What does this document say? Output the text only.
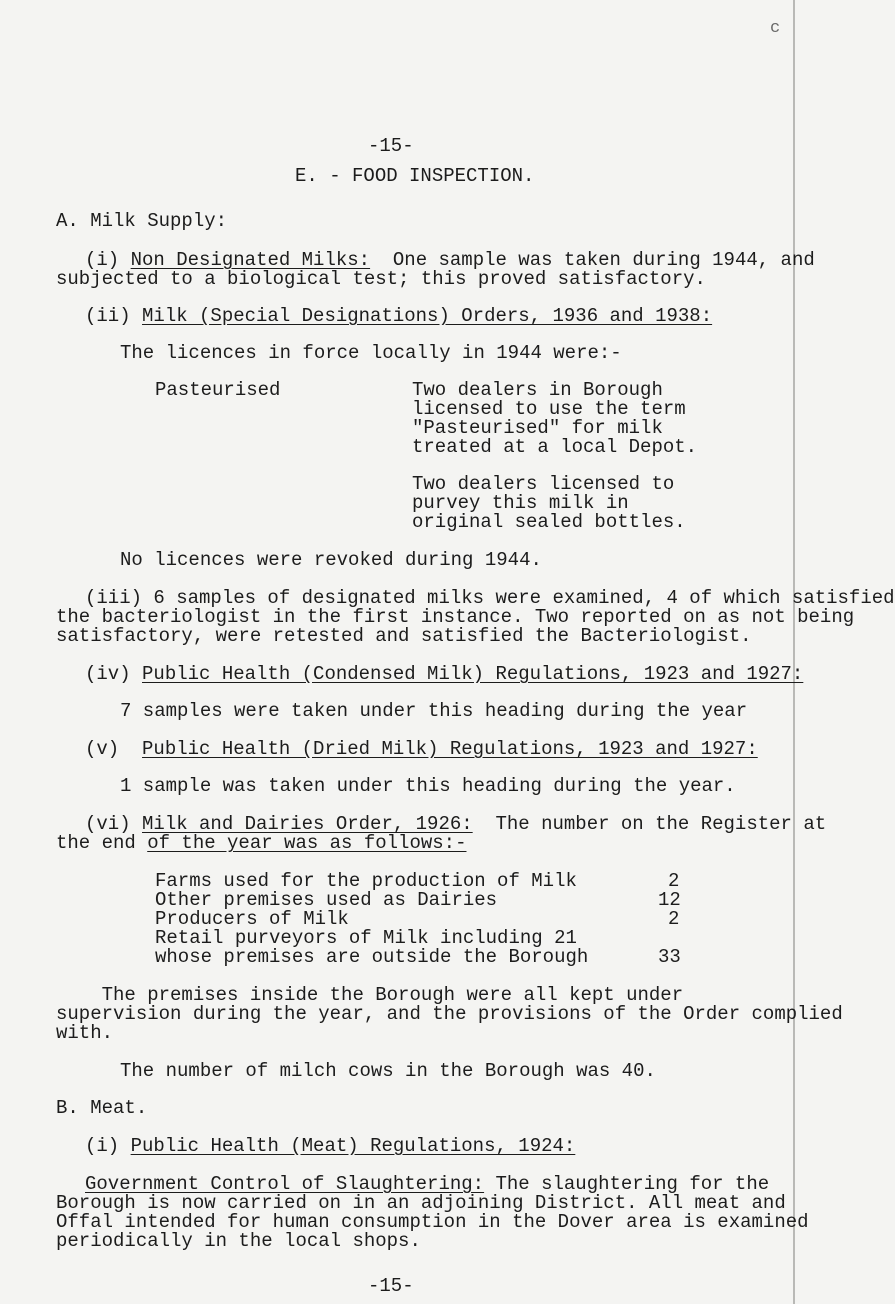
c
-15-
E. - FOOD INSPECTION.
A. Milk Supply:
(i) Non Designated Milks: One sample was taken during 1944, and
subjected to a biological test; this proved satisfactory.
(ii) Milk (Special Designations) Orders, 1936 and 1938:
The licences in force locally in 1944 were:-
Pasteurised	Two dealers in Borough
licensed to use the term
"Pasteurised" for milk
treated at a local Depot.
Two dealers licensed to
purvey this milk in
original sealed bottles.
No licences were revoked during 1944.
(iii) 6 samples of designated milks were examined, 4 of which satisfied
the bacteriologist in the first instance. Two reported on as not being
satisfactory, were retested and satisfied the Bacteriologist.
(iv) Public Health (Condensed Milk) Regulations, 1923 and 1927:
7 samples were taken under this heading during the year
(v) Public Health (Dried Milk) Regulations, 1923 and 1927:
1 sample was taken under this heading during the year.
(vi) Milk and Dairies Order, 1926: The number on the Register at
the end of the year was as follows:-
Farms used for the production of Milk	2
Other premises used as Dairies	12
Producers of Milk	2
Retail purveyors of Milk including 21
whose premises are outside the Borough	33
The premises inside the Borough were all kept under
supervision during the year, and the provisions of the Order complied
with.
The number of milch cows in the Borough was 40.
B. Meat.
(i) Public Health (Meat) Regulations, 1924:
Government Control of Slaughtering: The slaughtering for the
Borough is now carried on in an adjoining District. All meat and
Offal intended for human consumption in the Dover area is examined
periodically in the local shops.
-15-
